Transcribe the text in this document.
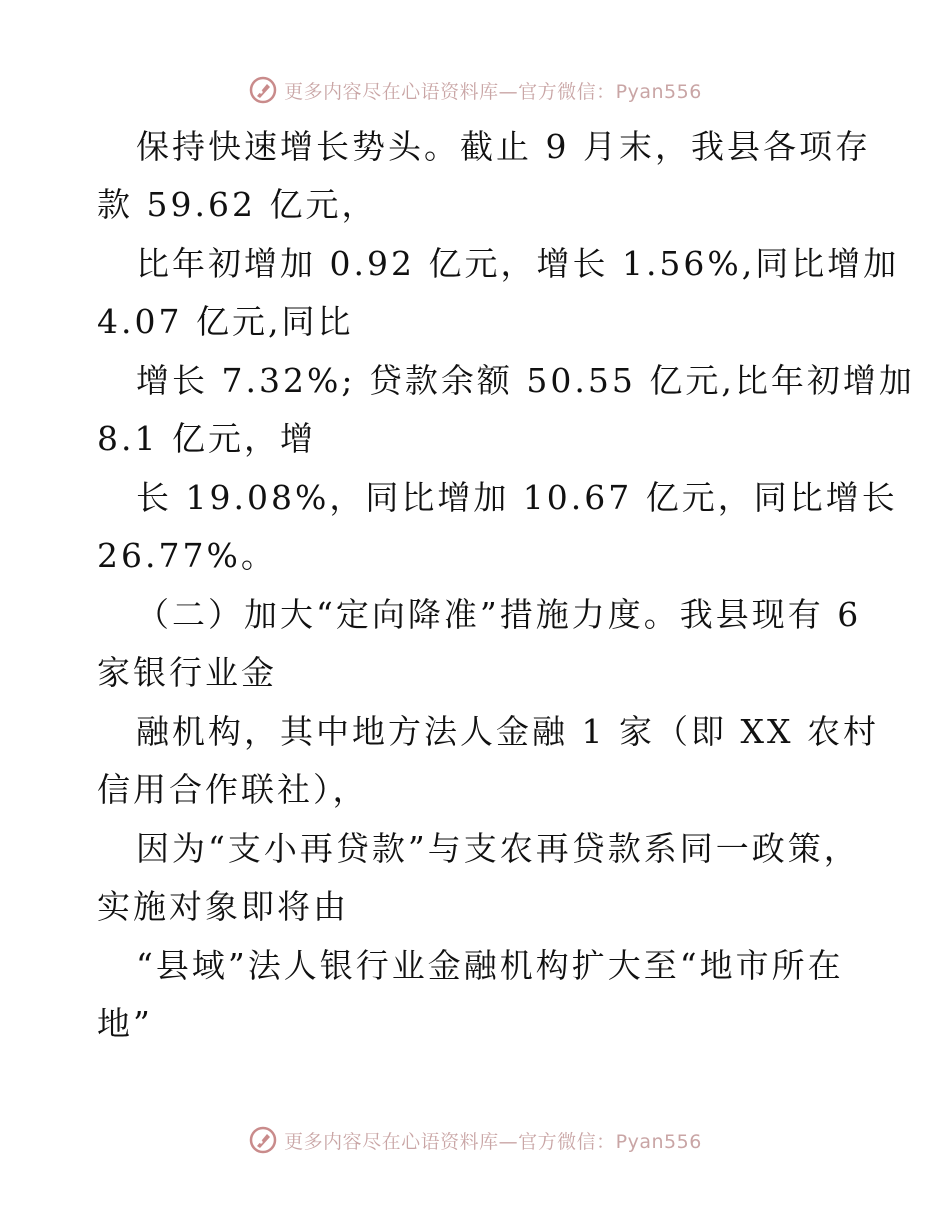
更多内容尽在心语资料库—官方微信：Pyan556
保持快速增长势头。截止 9 月末，我县各项存
款 59.62 亿元，
比年初增加 0.92 亿元，增长 1.56%,同比增加
4.07 亿元,同比
增长 7.32%; 贷款余额 50.55 亿元,比年初增加
8.1 亿元，增
长 19.08%，同比增加 10.67 亿元，同比增长
26.77%。
（二）加大“定向降准”措施力度。我县现有 6
家银行业金
融机构，其中地方法人金融 1 家（即 XX 农村
信用合作联社），
因为“支小再贷款”与支农再贷款系同一政策，
实施对象即将由
“县域”法人银行业金融机构扩大至“地市所在
地”
更多内容尽在心语资料库—官方微信：Pyan556
